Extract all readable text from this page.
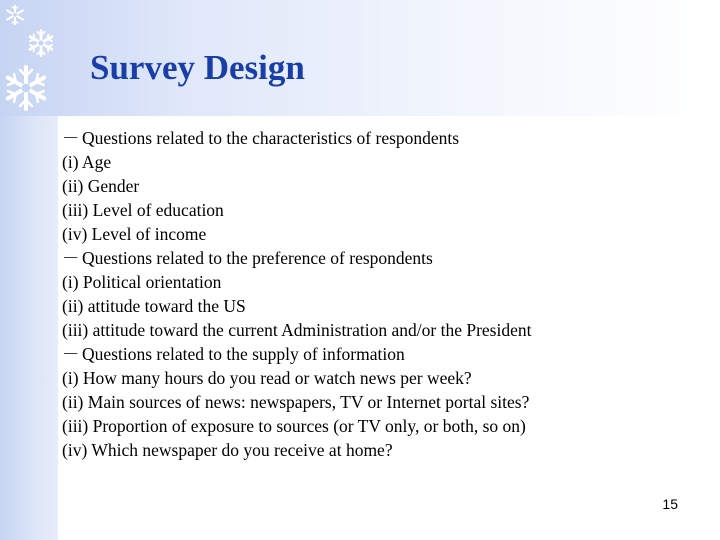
Survey Design
－ Questions related to the characteristics of respondents
(i) Age
(ii) Gender
(iii) Level of education
(iv) Level of income
－ Questions related to the preference of respondents
(i) Political orientation
(ii) attitude toward the US
(iii) attitude toward the current Administration and/or the President
－ Questions related to the supply of information
(i) How many hours do you read or watch news per week?
(ii) Main sources of news: newspapers, TV or Internet portal sites?
(iii) Proportion of exposure to sources (or TV only, or both, so on)
(iv) Which newspaper do you receive at home?
15
